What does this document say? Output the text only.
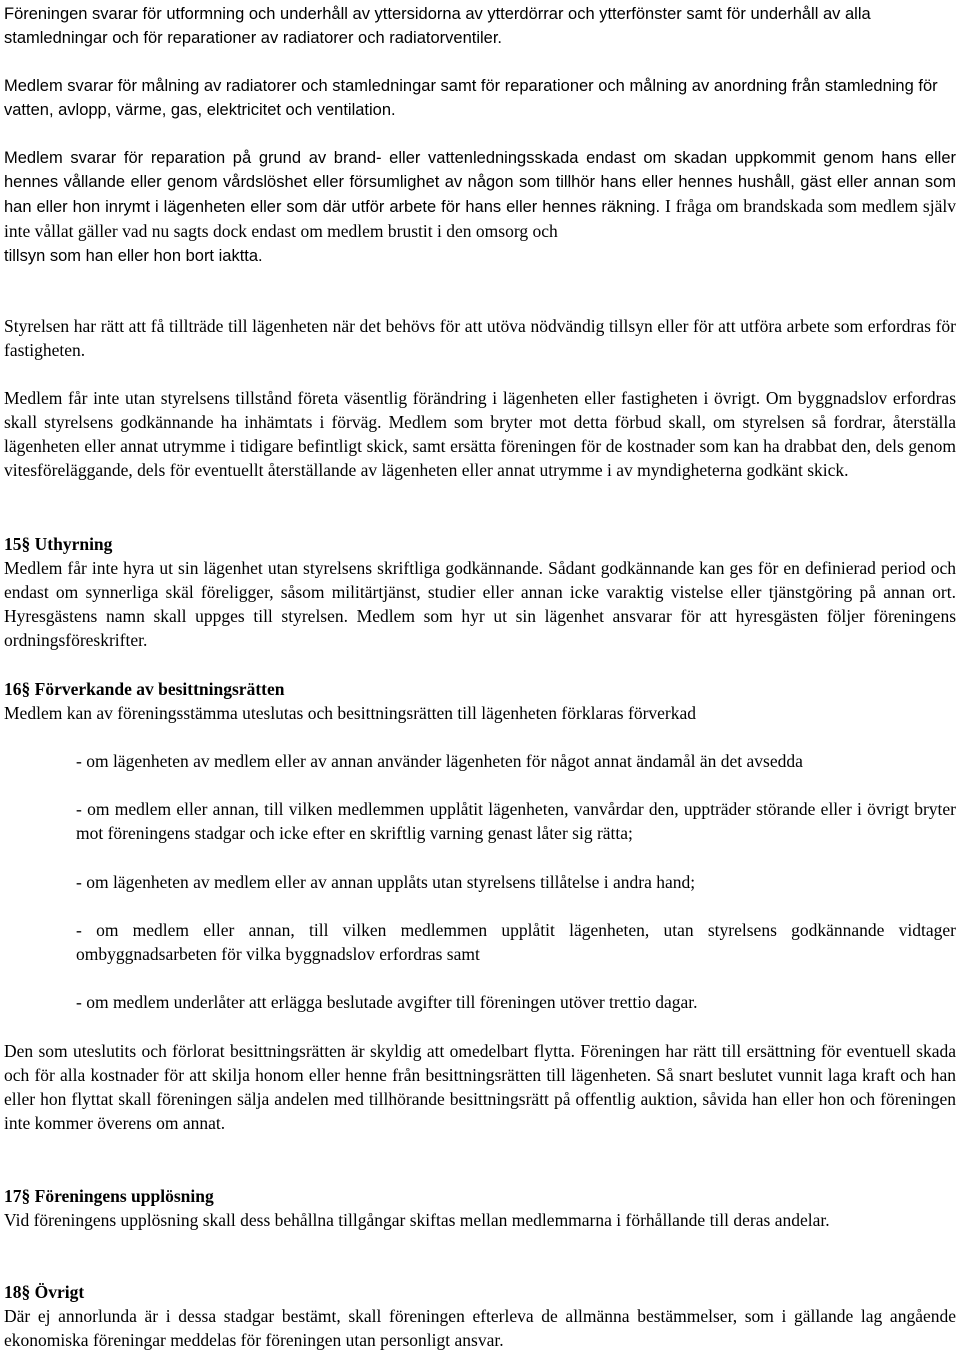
Föreningen svarar för utformning och underhåll av yttersidorna av ytterdörrar och ytterfönster samt för underhåll av alla stamledningar och för reparationer av radiatorer och radiatorventiler.

Medlem svarar för målning av radiatorer och stamledningar samt för reparationer och målning av anordning från stamledning för vatten, avlopp, värme, gas, elektricitet och ventilation.

Medlem svarar för reparation på grund av brand- eller vattenledningsskada endast om skadan uppkommit genom hans eller hennes vållande eller genom vårdslöshet eller försumlighet av någon som tillhör hans eller hennes hushåll, gäst eller annan som han eller hon inrymt i lägenheten eller som där utför arbete för hans eller hennes räkning. I fråga om brandskada som medlem själv inte vållat gäller vad nu sagts dock endast om medlem brustit i den omsorg och
tillsyn som han eller hon bort iaktta.

Styrelsen har rätt att få tillträde till lägenheten när det behövs för att utöva nödvändig tillsyn eller för att utföra arbete som erfordras för fastigheten.

Medlem får inte utan styrelsens tillstånd företa väsentlig förändring i lägenheten eller fastigheten i övrigt. Om byggnadslov erfordras skall styrelsens godkännande ha inhämtats i förväg. Medlem som bryter mot detta förbud skall, om styrelsen så fordrar, återställa lägenheten eller annat utrymme i tidigare befintligt skick, samt ersätta föreningen för de kostnader som kan ha drabbat den, dels genom vitesföreläggande, dels för eventuellt återställande av lägenheten eller annat utrymme i av myndigheterna godkänt skick.

15§ Uthyrning

Medlem får inte hyra ut sin lägenhet utan styrelsens skriftliga godkännande. Sådant godkännande kan ges för en definierad period och endast om synnerliga skäl föreligger, såsom militärtjänst, studier eller annan icke varaktig vistelse eller tjänstgöring på annan ort. Hyresgästens namn skall uppges till styrelsen. Medlem som hyr ut sin lägenhet ansvarar för att hyresgästen följer föreningens ordningsföreskrifter.

16§ Förverkande av besittningsrätten

Medlem kan av föreningsstämma uteslutas och besittningsrätten till lägenheten förklaras förverkad

- om lägenheten av medlem eller av annan använder lägenheten för något annat ändamål än det avsedda

- om medlem eller annan, till vilken medlemmen upplåtit lägenheten, vanvårdar den, uppträder störande eller i övrigt bryter mot föreningens stadgar och icke efter en skriftlig varning genast låter sig rätta;

- om lägenheten av medlem eller av annan upplåts utan styrelsens tillåtelse i andra hand;

- om medlem eller annan, till vilken medlemmen upplåtit lägenheten, utan styrelsens godkännande vidtager ombyggnadsarbeten för vilka byggnadslov erfordras samt

- om medlem underlåter att erlägga beslutade avgifter till föreningen utöver trettio dagar.

Den som uteslutits och förlorat besittningsrätten är skyldig att omedelbart flytta. Föreningen har rätt till ersättning för eventuell skada och för alla kostnader för att skilja honom eller henne från besittningsrätten till lägenheten. Så snart beslutet vunnit laga kraft och han eller hon flyttat skall föreningen sälja andelen med tillhörande besittningsrätt på offentlig auktion, såvida han eller hon och föreningen inte kommer överens om annat.

17§ Föreningens upplösning

Vid föreningens upplösning skall dess behållna tillgångar skiftas mellan medlemmarna i förhållande till deras andelar.

18§ Övrigt

Där ej annorlunda är i dessa stadgar bestämt, skall föreningen efterleva de allmänna bestämmelser, som i gällande lag angående ekonomiska föreningar meddelas för föreningen utan personligt ansvar.
